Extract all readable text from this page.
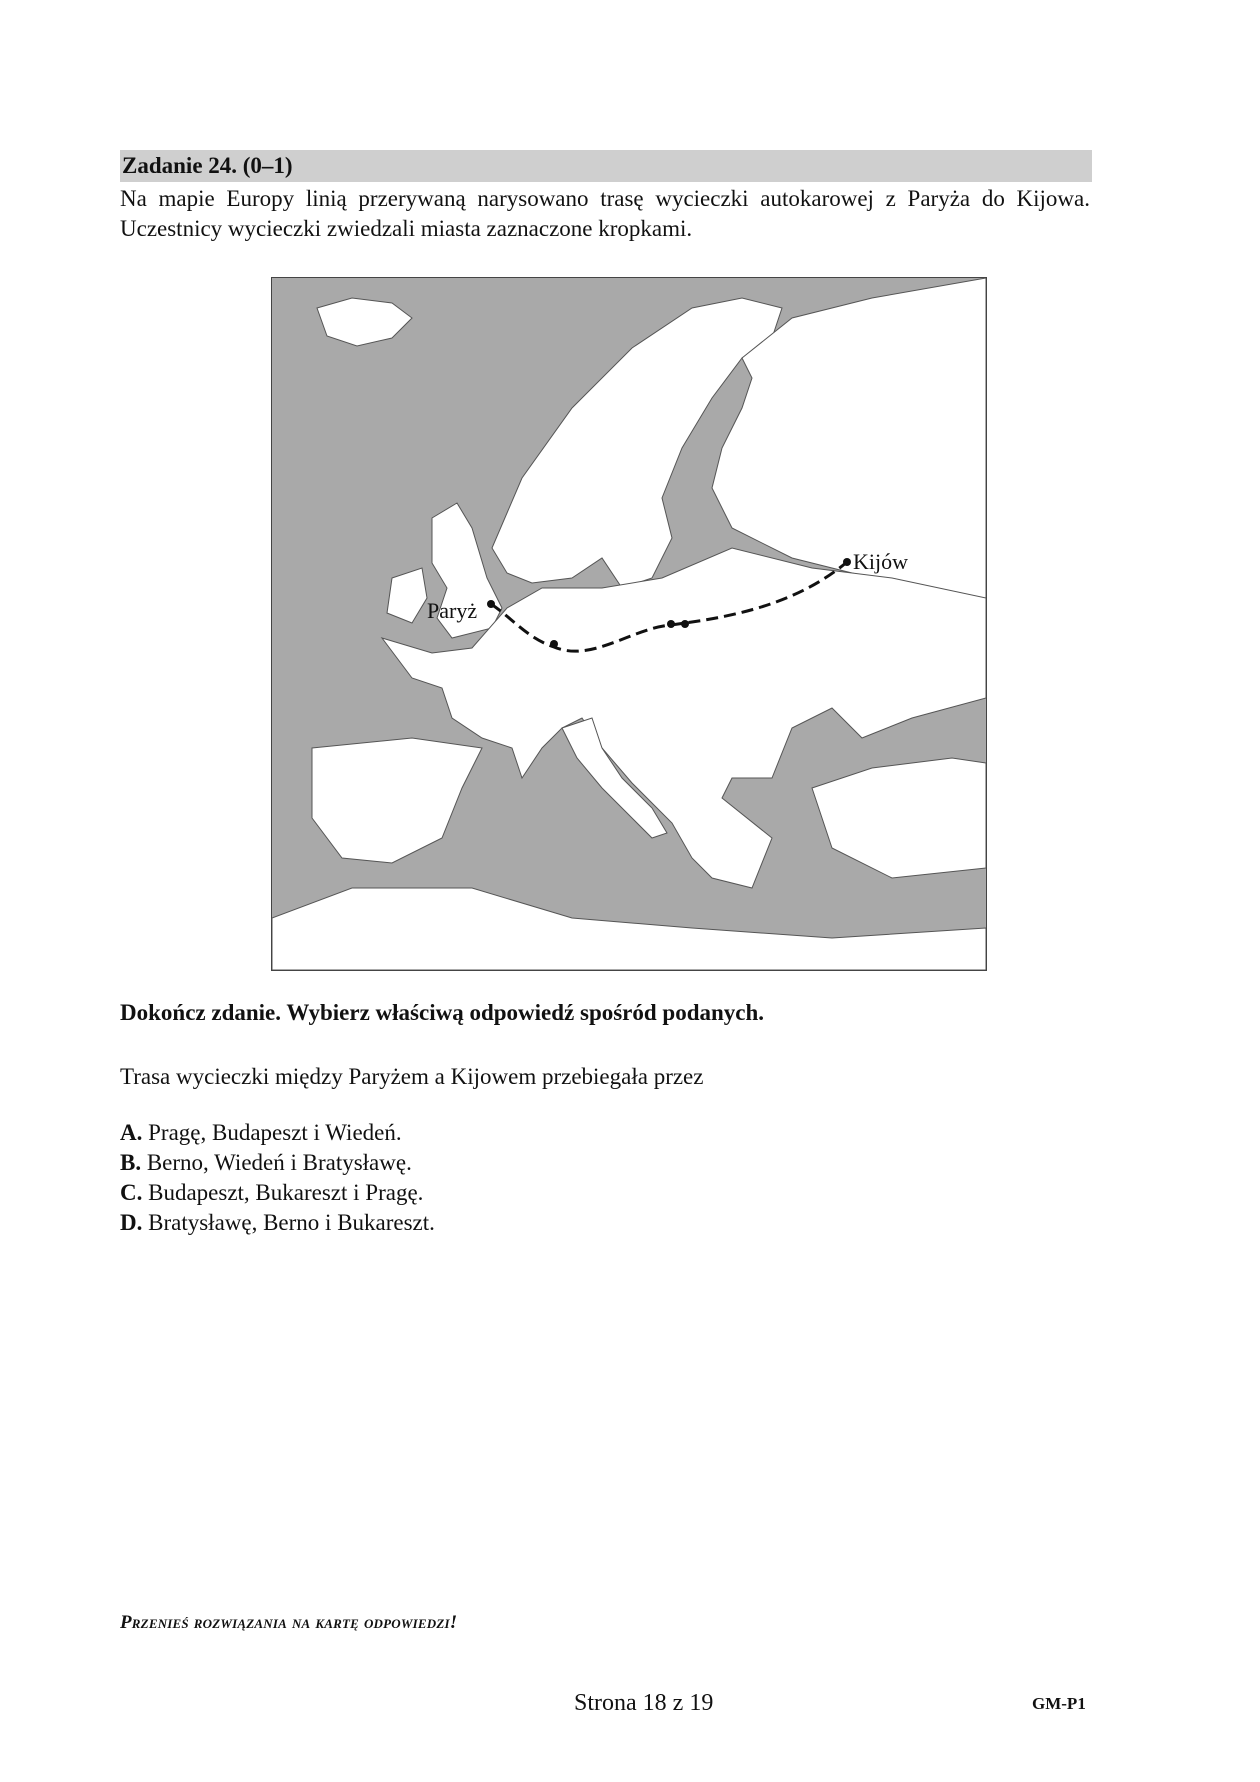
Zadanie 24. (0–1)
Na mapie Europy linią przerywaną narysowano trasę wycieczki autokarowej z Paryża do Kijowa. Uczestnicy wycieczki zwiedzali miasta zaznaczone kropkami.
Paryż
Kijów
Dokończ zdanie. Wybierz właściwą odpowiedź spośród podanych.
Trasa wycieczki między Paryżem a Kijowem przebiegała przez
A. Pragę, Budapeszt i Wiedeń.
B. Berno, Wiedeń i Bratysławę.
C. Budapeszt, Bukareszt i Pragę.
D. Bratysławę, Berno i Bukareszt.
Przenieś rozwiązania na kartę odpowiedzi!
Strona 18 z 19	GM-P1
